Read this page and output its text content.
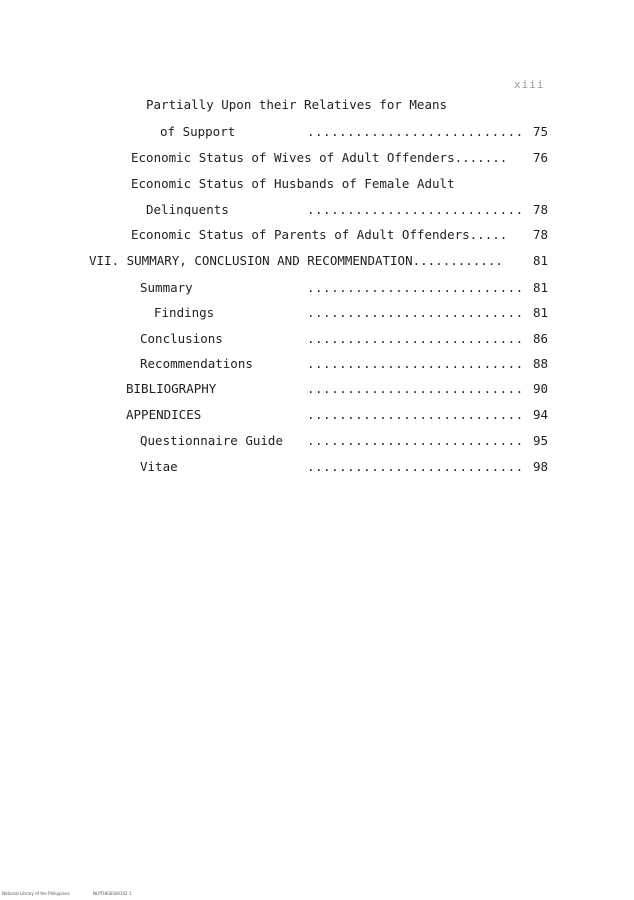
xiii
Partially Upon their Relatives for Means
of Support	........................... 75
Economic Status of Wives of Adult Offenders....... 76
Economic Status of Husbands of Female Adult
Delinquents	........................... 78
Economic Status of Parents of Adult Offenders..... 78
VII. SUMMARY, CONCLUSION AND RECOMMENDATION............ 81
Summary	........................... 81
Findings	........................... 81
Conclusions	........................... 86
Recommendations	........................... 88
BIBLIOGRAPHY	........................... 90
APPENDICES	........................... 94
Questionnaire Guide ........................... 95
Vitae	........................... 98
National Library of the Philippines	NLPTHESIS00102 1
